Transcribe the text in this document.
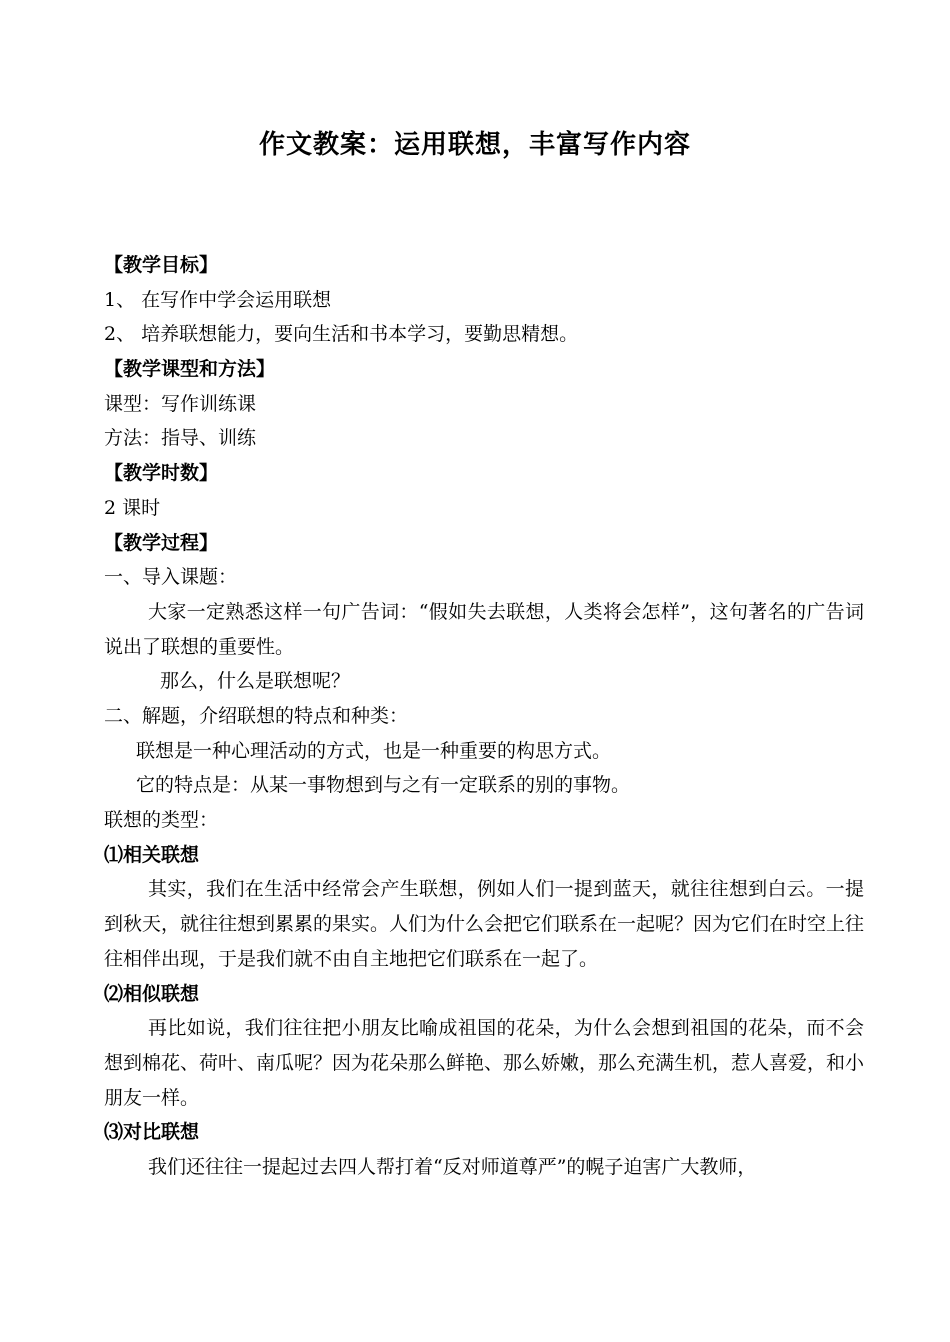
作文教案：运用联想，丰富写作内容
【教学目标】
1、 在写作中学会运用联想
2、 培养联想能力，要向生活和书本学习，要勤思精想。
【教学课型和方法】
课型：写作训练课
方法：指导、训练
【教学时数】
2 课时
【教学过程】
一、导入课题：
大家一定熟悉这样一句广告词：“假如失去联想，人类将会怎样”，这句著名的广告词说出了联想的重要性。
那么，什么是联想呢？
二、解题，介绍联想的特点和种类：
联想是一种心理活动的方式，也是一种重要的构思方式。
它的特点是：从某一事物想到与之有一定联系的别的事物。
联想的类型：
⑴相关联想
其实，我们在生活中经常会产生联想，例如人们一提到蓝天，就往往想到白云。一提到秋天，就往往想到累累的果实。人们为什么会把它们联系在一起呢？因为它们在时空上往往相伴出现，于是我们就不由自主地把它们联系在一起了。
⑵相似联想
再比如说，我们往往把小朋友比喻成祖国的花朵，为什么会想到祖国的花朵，而不会想到棉花、荷叶、南瓜呢？因为花朵那么鲜艳、那么娇嫩，那么充满生机，惹人喜爱，和小朋友一样。
⑶对比联想
我们还往往一提起过去四人帮打着“反对师道尊严”的幌子迫害广大教师，
